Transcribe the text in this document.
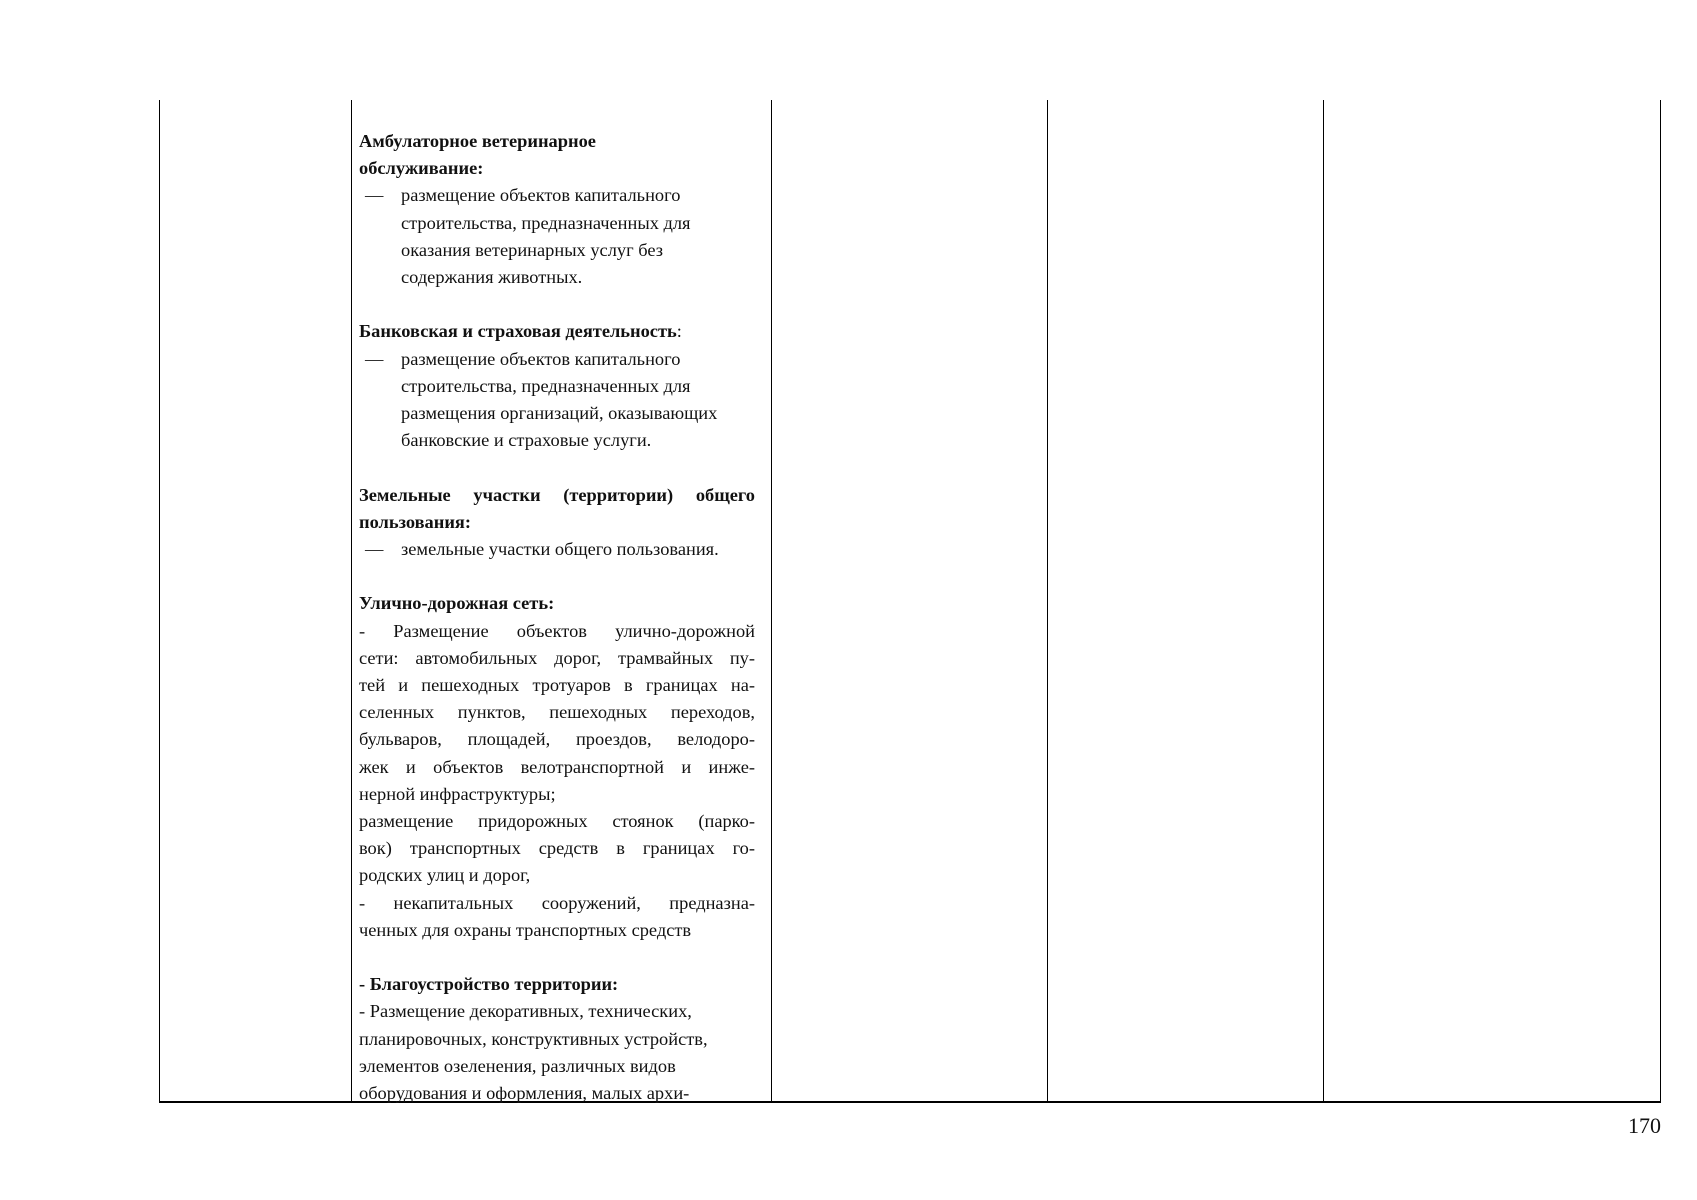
Амбулаторное ветеринарное
обслуживание:
— размещение объектов капитального
строительства, предназначенных для
оказания ветеринарных услуг без
содержания животных.
Банковская и страховая деятельность:
— размещение объектов капитального
строительства, предназначенных для
размещения организаций, оказывающих
банковские и страховые услуги.
Земельные участки (территории) общего
пользования:
— земельные участки общего пользования.
Улично-дорожная сеть:
- Размещение объектов улично-дорожной
сети: автомобильных дорог, трамвайных пу-
тей и пешеходных тротуаров в границах на-
селенных пунктов, пешеходных переходов,
бульваров, площадей, проездов, велодоро-
жек и объектов велотранспортной и инже-
нерной инфраструктуры;
размещение придорожных стоянок (парко-
вок) транспортных средств в границах го-
родских улиц и дорог,
- некапитальных сооружений, предназна-
ченных для охраны транспортных средств
- Благоустройство территории:
- Размещение декоративных, технических,
планировочных, конструктивных устройств,
элементов озеленения, различных видов
оборудования и оформления, малых архи-
170
